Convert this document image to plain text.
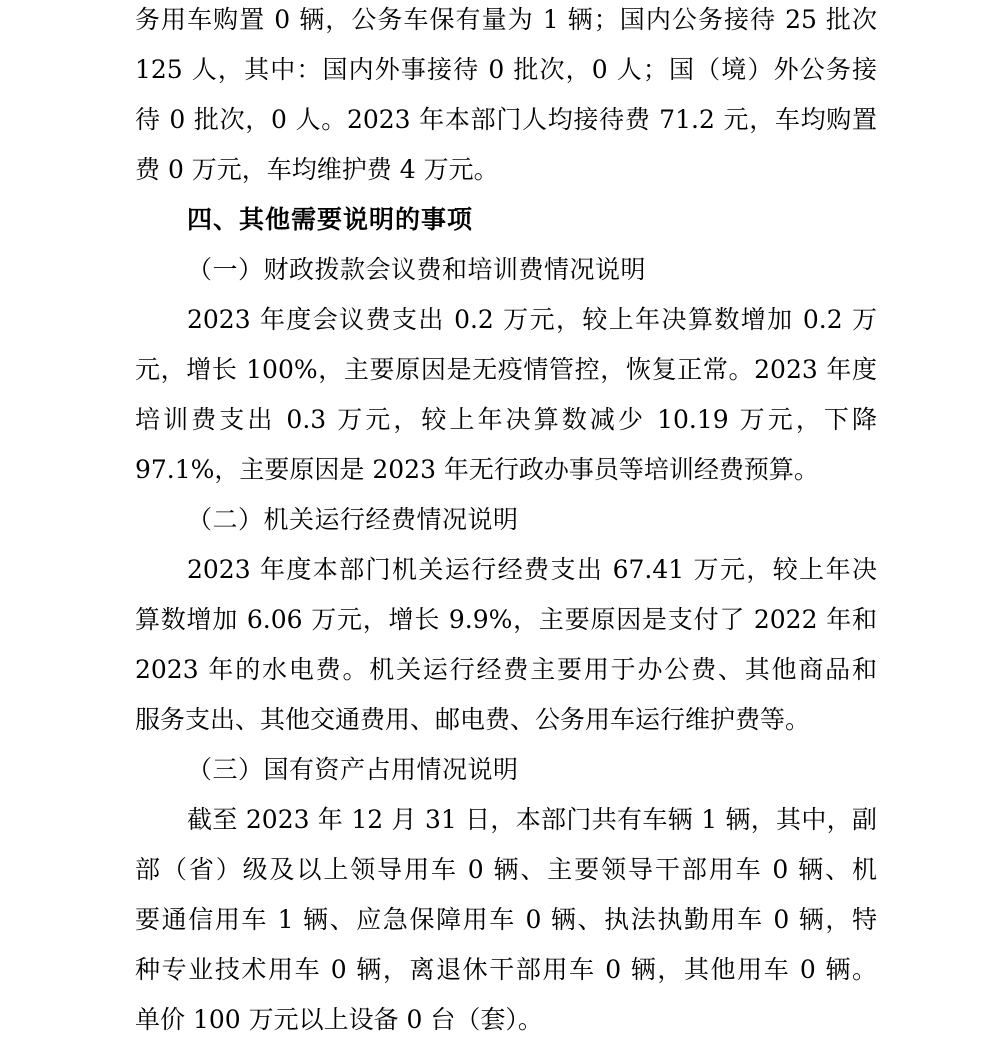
务用车购置 0 辆，公务车保有量为 1 辆；国内公务接待 25 批次
125 人，其中：国内外事接待 0 批次，0 人；国（境）外公务接
待 0 批次，0 人。2023 年本部门人均接待费 71.2 元，车均购置
费 0 万元，车均维护费 4 万元。
四、其他需要说明的事项
（一）财政拨款会议费和培训费情况说明
2023 年度会议费支出 0.2 万元，较上年决算数增加 0.2 万
元，增长 100%，主要原因是无疫情管控，恢复正常。2023 年度
培训费支出 0.3 万元，较上年决算数减少 10.19 万元，下降
97.1%，主要原因是 2023 年无行政办事员等培训经费预算。
（二）机关运行经费情况说明
2023 年度本部门机关运行经费支出 67.41 万元，较上年决
算数增加 6.06 万元，增长 9.9%，主要原因是支付了 2022 年和
2023 年的水电费。机关运行经费主要用于办公费、其他商品和
服务支出、其他交通费用、邮电费、公务用车运行维护费等。
（三）国有资产占用情况说明
截至 2023 年 12 月 31 日，本部门共有车辆 1 辆，其中，副
部（省）级及以上领导用车 0 辆、主要领导干部用车 0 辆、机
要通信用车 1 辆、应急保障用车 0 辆、执法执勤用车 0 辆，特
种专业技术用车 0 辆，离退休干部用车 0 辆，其他用车 0 辆。
单价 100 万元以上设备 0 台（套）。
